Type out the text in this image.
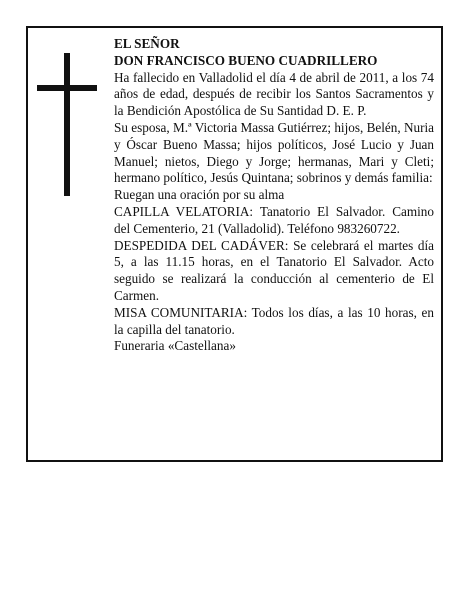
EL SEÑOR

DON FRANCISCO BUENO CUADRILLERO

Ha fallecido en Valladolid el día 4 de abril de 2011, a los 74 años de edad, después de recibir los Santos Sacramentos y la Bendición Apostólica de Su Santidad D. E. P.

Su esposa, M.ª Victoria Massa Gutiérrez; hijos, Belén, Nuria y Óscar Bueno Massa; hijos políticos, José Lucio y Juan Manuel; nietos, Diego y Jorge; hermanas, Mari y Cleti; hermano político, Jesús Quintana; sobrinos y demás familia:

Ruegan una oración por su alma

CAPILLA VELATORIA: Tanatorio El Salvador. Camino del Cementerio, 21 (Valladolid). Teléfono 983260722.

DESPEDIDA DEL CADÁVER: Se celebrará el martes día 5, a las 11.15 horas, en el Tanatorio El Salvador. Acto seguido se realizará la conducción al cementerio de El Carmen.

MISA COMUNITARIA: Todos los días, a las 10 horas, en la capilla del tanatorio.

Funeraria «Castellana»
